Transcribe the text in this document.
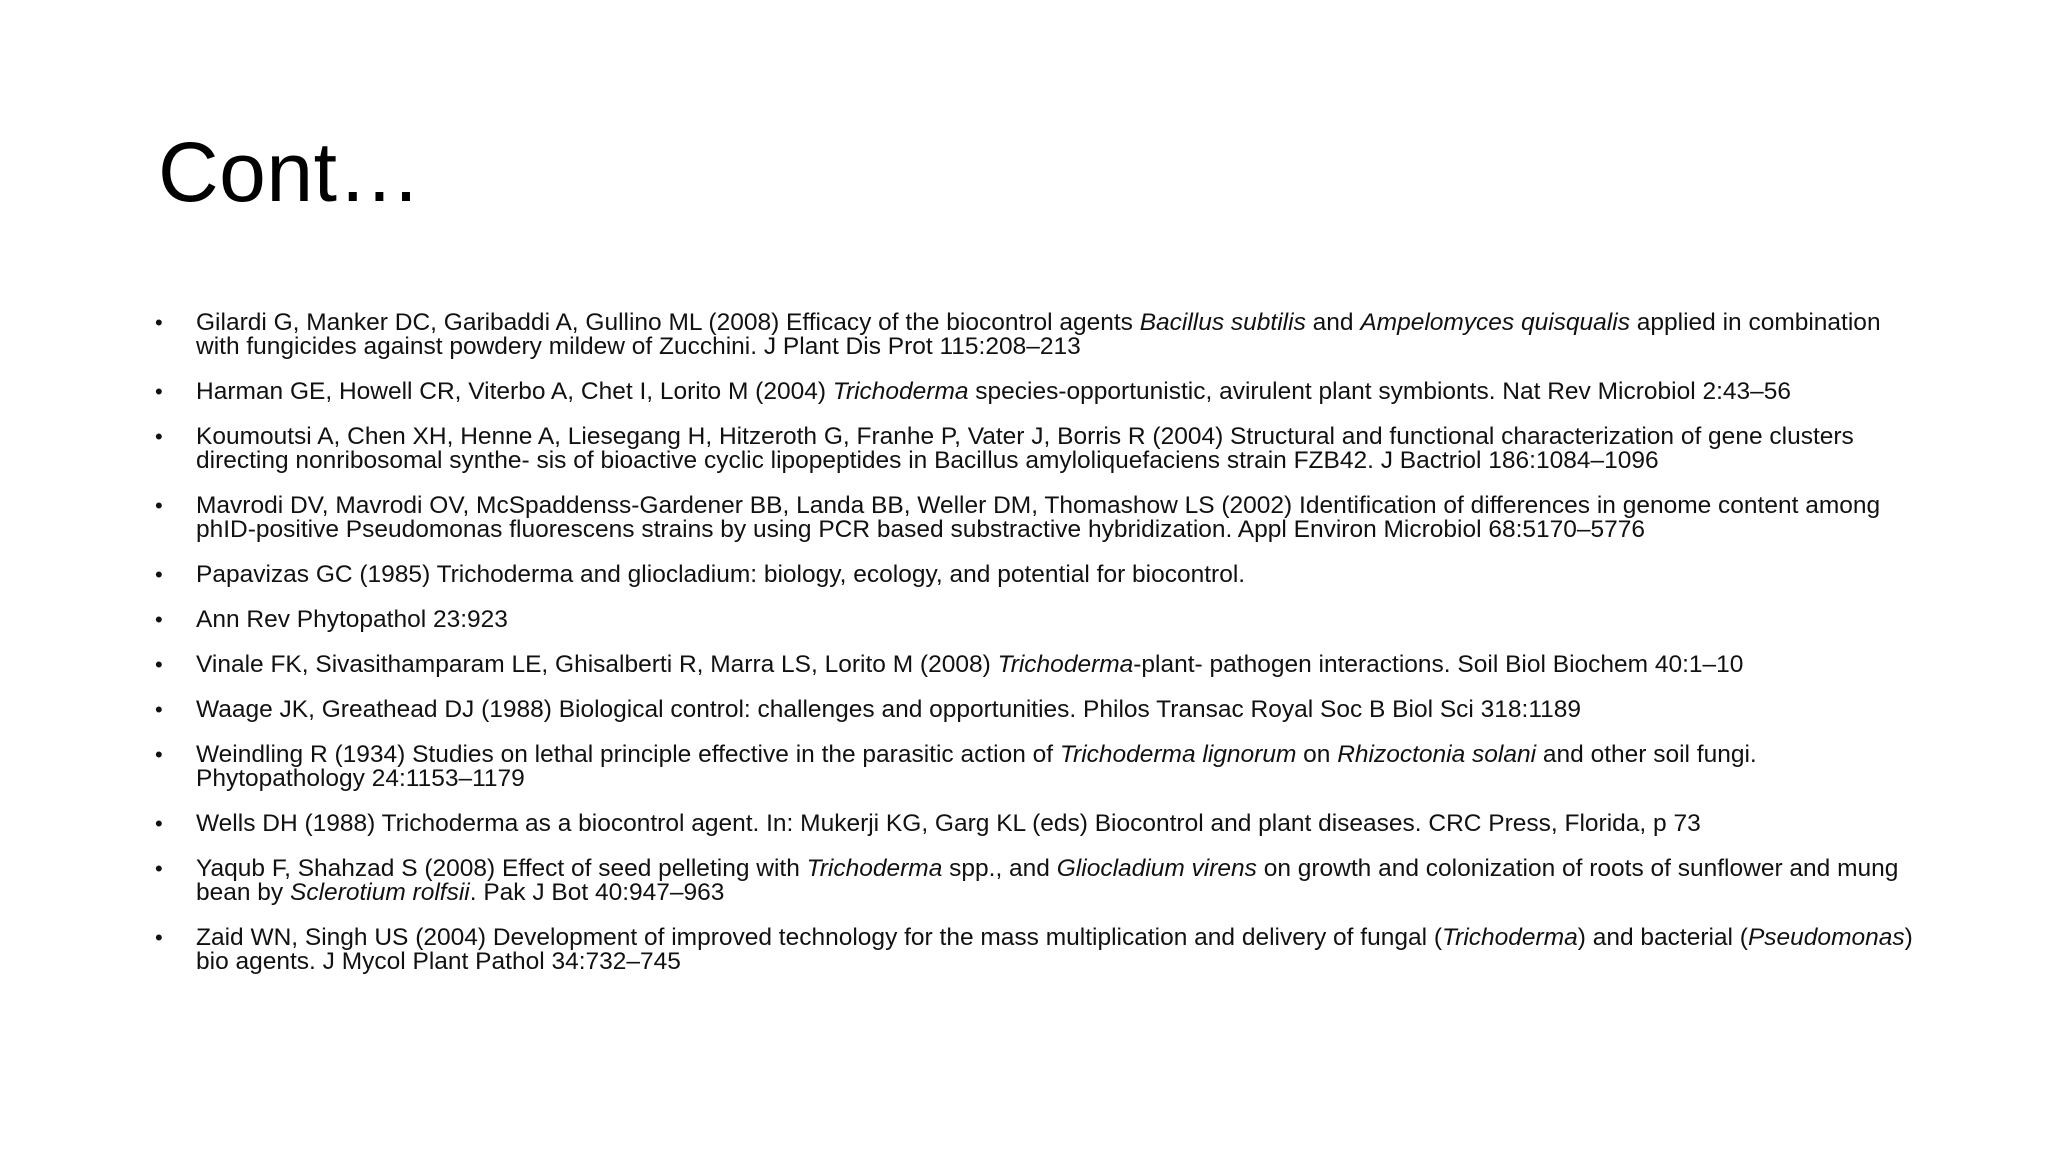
Cont…
• Gilardi G, Manker DC, Garibaddi A, Gullino ML (2008) Efficacy of the biocontrol agents Bacillus subtilis and Ampelomyces quisqualis applied in combination with fungicides against powdery mildew of Zucchini. J Plant Dis Prot 115:208–213
• Harman GE, Howell CR, Viterbo A, Chet I, Lorito M (2004) Trichoderma species-opportunistic, avirulent plant symbionts. Nat Rev Microbiol 2:43–56
• Koumoutsi A, Chen XH, Henne A, Liesegang H, Hitzeroth G, Franhe P, Vater J, Borris R (2004) Structural and functional characterization of gene clusters directing nonribosomal synthe- sis of bioactive cyclic lipopeptides in Bacillus amyloliquefaciens strain FZB42. J Bactriol 186:1084–1096
• Mavrodi DV, Mavrodi OV, McSpaddenss-Gardener BB, Landa BB, Weller DM, Thomashow LS (2002) Identification of differences in genome content among phID-positive Pseudomonas fluorescens strains by using PCR based substractive hybridization. Appl Environ Microbiol 68:5170–5776
• Papavizas GC (1985) Trichoderma and gliocladium: biology, ecology, and potential for biocontrol.
• Ann Rev Phytopathol 23:923
• Vinale FK, Sivasithamparam LE, Ghisalberti R, Marra LS, Lorito M (2008) Trichoderma-plant- pathogen interactions. Soil Biol Biochem 40:1–10
• Waage JK, Greathead DJ (1988) Biological control: challenges and opportunities. Philos Transac Royal Soc B Biol Sci 318:1189
• Weindling R (1934) Studies on lethal principle effective in the parasitic action of Trichoderma lignorum on Rhizoctonia solani and other soil fungi. Phytopathology 24:1153–1179
• Wells DH (1988) Trichoderma as a biocontrol agent. In: Mukerji KG, Garg KL (eds) Biocontrol and plant diseases. CRC Press, Florida, p 73
• Yaqub F, Shahzad S (2008) Effect of seed pelleting with Trichoderma spp., and Gliocladium virens on growth and colonization of roots of sunflower and mung bean by Sclerotium rolfsii. Pak J Bot 40:947–963
• Zaid WN, Singh US (2004) Development of improved technology for the mass multiplication and delivery of fungal (Trichoderma) and bacterial (Pseudomonas) bio agents. J Mycol Plant Pathol 34:732–745
